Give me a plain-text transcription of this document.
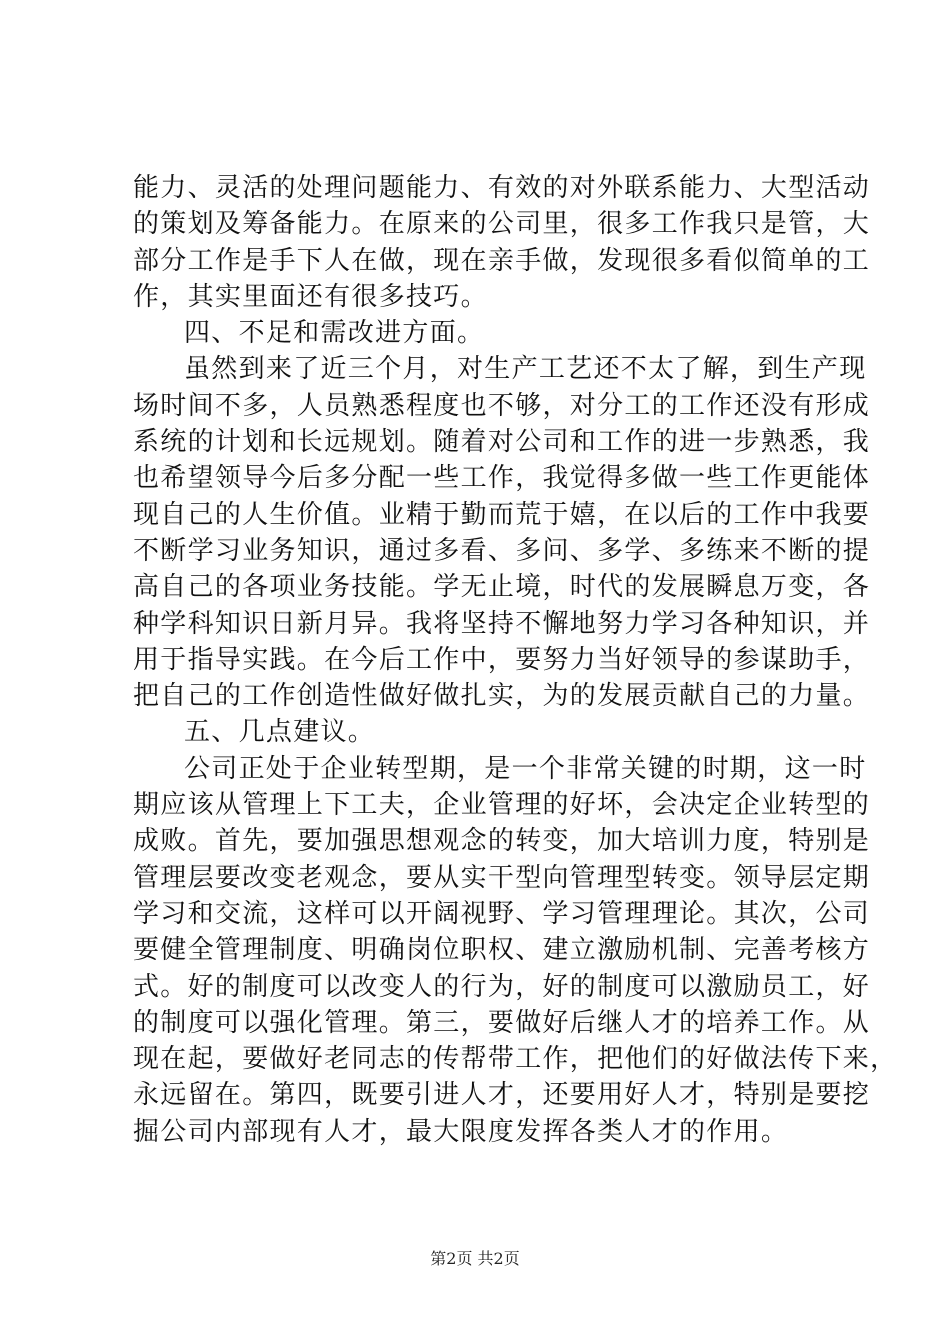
能力、灵活的处理问题能力、有效的对外联系能力、大型活动
的策划及筹备能力。在原来的公司里，很多工作我只是管，大
部分工作是手下人在做，现在亲手做，发现很多看似简单的工
作，其实里面还有很多技巧。
四、不足和需改进方面。
虽然到来了近三个月，对生产工艺还不太了解，到生产现
场时间不多，人员熟悉程度也不够，对分工的工作还没有形成
系统的计划和长远规划。随着对公司和工作的进一步熟悉，我
也希望领导今后多分配一些工作，我觉得多做一些工作更能体
现自己的人生价值。业精于勤而荒于嬉，在以后的工作中我要
不断学习业务知识，通过多看、多问、多学、多练来不断的提
高自己的各项业务技能。学无止境，时代的发展瞬息万变，各
种学科知识日新月异。我将坚持不懈地努力学习各种知识，并
用于指导实践。在今后工作中，要努力当好领导的参谋助手，
把自己的工作创造性做好做扎实，为的发展贡献自己的力量。
五、几点建议。
公司正处于企业转型期，是一个非常关键的时期，这一时
期应该从管理上下工夫，企业管理的好坏，会决定企业转型的
成败。首先，要加强思想观念的转变，加大培训力度，特别是
管理层要改变老观念，要从实干型向管理型转变。领导层定期
学习和交流，这样可以开阔视野、学习管理理论。其次，公司
要健全管理制度、明确岗位职权、建立激励机制、完善考核方
式。好的制度可以改变人的行为，好的制度可以激励员工，好
的制度可以强化管理。第三，要做好后继人才的培养工作。从
现在起，要做好老同志的传帮带工作，把他们的好做法传下来，
永远留在。第四，既要引进人才，还要用好人才，特别是要挖
掘公司内部现有人才，最大限度发挥各类人才的作用。
第2页 共2页
